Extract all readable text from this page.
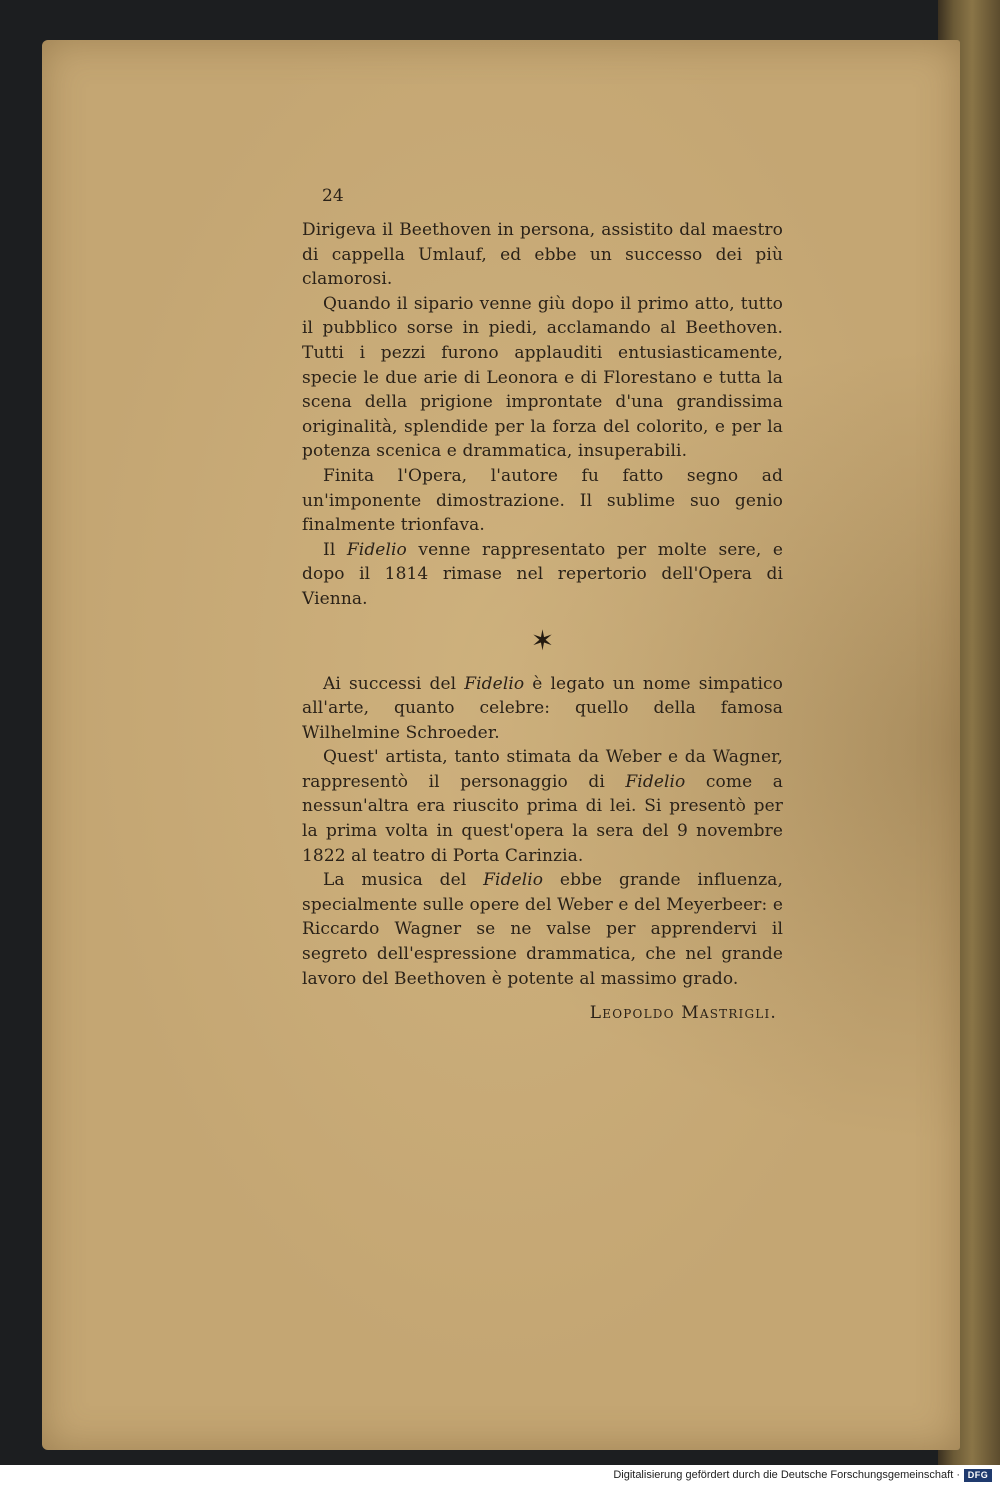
24

Dirigeva il Beethoven in persona, assistito dal maestro di cappella Umlauf, ed ebbe un successo dei più clamorosi.

Quando il sipario venne giù dopo il primo atto, tutto il pubblico sorse in piedi, acclamando al Beethoven. Tutti i pezzi furono applauditi entusiasticamente, specie le due arie di Leonora e di Florestano e tutta la scena della prigione improntate d'una grandissima originalità, splendide per la forza del colorito, e per la potenza scenica e drammatica, insuperabili.

Finita l'Opera, l'autore fu fatto segno ad un'imponente dimostrazione. Il sublime suo genio finalmente trionfava.

Il Fidelio venne rappresentato per molte sere, e dopo il 1814 rimase nel repertorio dell'Opera di Vienna.

✶

Ai successi del Fidelio è legato un nome simpatico all'arte, quanto celebre: quello della famosa Wilhelmine Schroeder.

Quest' artista, tanto stimata da Weber e da Wagner, rappresentò il personaggio di Fidelio come a nessun'altra era riuscito prima di lei. Si presentò per la prima volta in quest'opera la sera del 9 novembre 1822 al teatro di Porta Carinzia.

La musica del Fidelio ebbe grande influenza, specialmente sulle opere del Weber e del Meyerbeer: e Riccardo Wagner se ne valse per apprendervi il segreto dell'espressione drammatica, che nel grande lavoro del Beethoven è potente al massimo grado.

Leopoldo Mastrigli.
Digitalisierung gefördert durch die Deutsche Forschungsgemeinschaft · DFG
